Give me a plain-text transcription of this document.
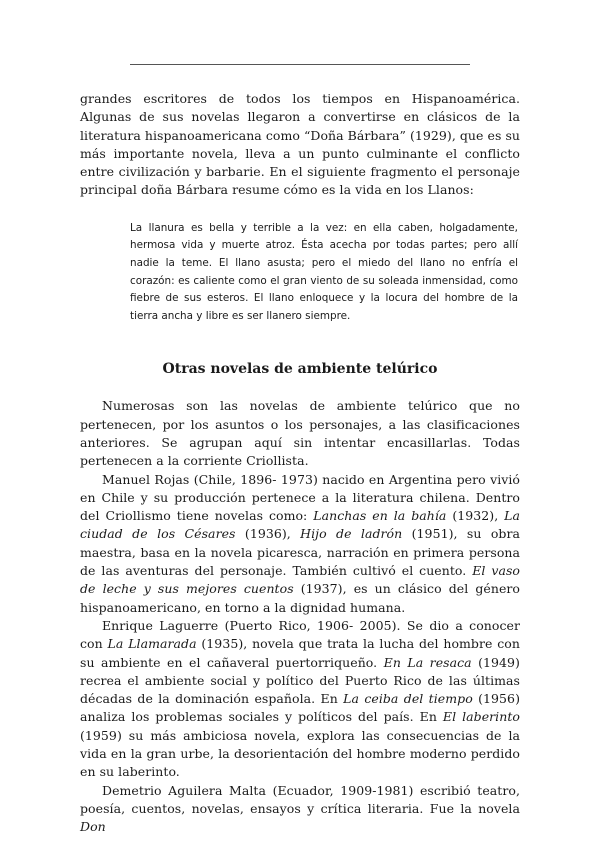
grandes escritores de todos los tiempos en Hispanoamérica. Algunas de sus novelas llegaron a convertirse en clásicos de la literatura hispanoamericana como “Doña Bárbara” (1929), que es su más importante novela, lleva a un punto culminante el conflicto entre civilización y barbarie. En el siguiente fragmento el personaje principal doña Bárbara resume cómo es la vida en los Llanos:

La llanura es bella y terrible a la vez: en ella caben, holgadamente, hermosa vida y muerte atroz. Ésta acecha por todas partes; pero allí nadie la teme. El llano asusta; pero el miedo del llano no enfría el corazón: es caliente como el gran viento de su soleada inmensidad, como fiebre de sus esteros. El llano enloquece y la locura del hombre de la tierra ancha y libre es ser llanero siempre.
Otras novelas de ambiente telúrico

Numerosas son las novelas de ambiente telúrico que no pertenecen, por los asuntos o los personajes, a las clasificaciones anteriores. Se agrupan aquí sin intentar encasillarlas. Todas pertenecen a la corriente Criollista.

Manuel Rojas (Chile, 1896- 1973) nacido en Argentina pero vivió en Chile y su producción pertenece a la literatura chilena. Dentro del Criollismo tiene novelas como: Lanchas en la bahía (1932), La ciudad de los Césares (1936), Hijo de ladrón (1951), su obra maestra, basa en la novela picaresca, narración en primera persona de las aventuras del personaje. También cultivó el cuento. El vaso de leche y sus mejores cuentos (1937), es un clásico del género hispanoamericano, en torno a la dignidad humana.

Enrique Laguerre (Puerto Rico, 1906- 2005). Se dio a conocer con La Llamarada (1935), novela que trata la lucha del hombre con su ambiente en el cañaveral puertorriqueño. En La resaca (1949) recrea el ambiente social y político del Puerto Rico de las últimas décadas de la dominación española. En La ceiba del tiempo (1956) analiza los problemas sociales y políticos del país. En El laberinto (1959) su más ambiciosa novela, explora las consecuencias de la vida en la gran urbe, la desorientación del hombre moderno perdido en su laberinto.

Demetrio Aguilera Malta (Ecuador, 1909-1981) escribió teatro, poesía, cuentos, novelas, ensayos y crítica literaria. Fue la novela Don
